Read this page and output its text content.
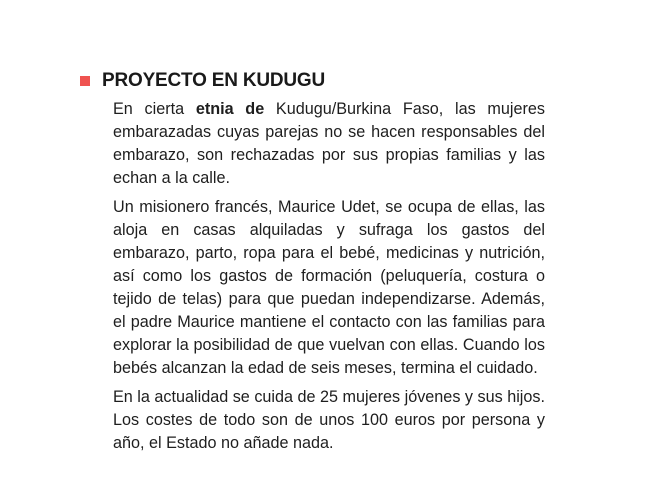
PROYECTO EN KUDUGU

En cierta etnia de Kudugu/Burkina Faso, las mujeres embarazadas cuyas parejas no se hacen responsables del embarazo, son rechazadas por sus propias familias y las echan a la calle.

Un misionero francés, Maurice Udet, se ocupa de ellas, las aloja en casas alquiladas y sufraga los gastos del embarazo, parto, ropa para el bebé, medicinas y nutrición, así como los gastos de formación (peluquería, costura o tejido de telas) para que puedan independizarse. Además, el padre Maurice mantiene el contacto con las familias para explorar la posibilidad de que vuelvan con ellas. Cuando los bebés alcanzan la edad de seis meses, termina el cuidado.

En la actualidad se cuida de 25 mujeres jóvenes y sus hijos. Los costes de todo son de unos 100 euros por persona y año, el Estado no añade nada.
